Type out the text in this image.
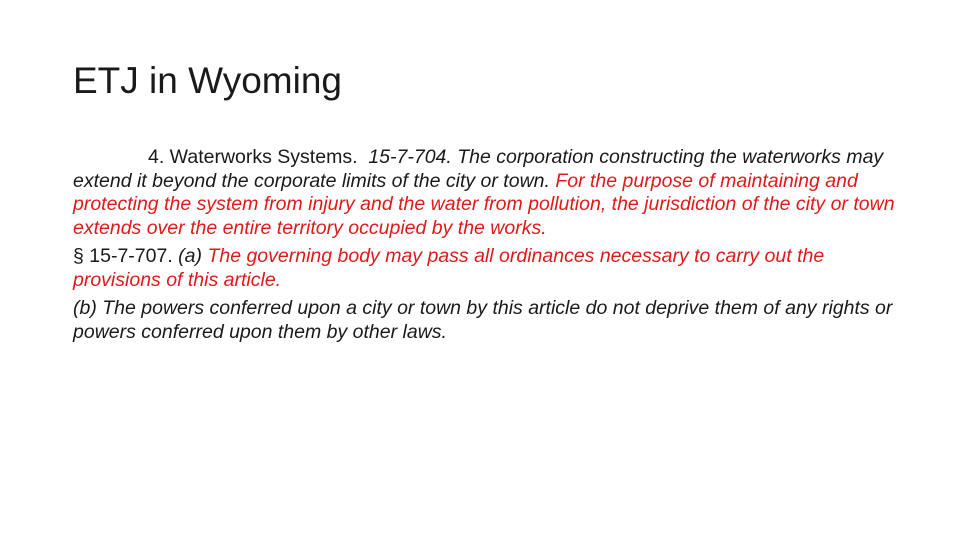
ETJ in Wyoming

4. Waterworks Systems. 15-7-704. The corporation constructing the waterworks may extend it beyond the corporate limits of the city or town. For the purpose of maintaining and protecting the system from injury and the water from pollution, the jurisdiction of the city or town extends over the entire territory occupied by the works.

§ 15-7-707. (a) The governing body may pass all ordinances necessary to carry out the provisions of this article.

(b) The powers conferred upon a city or town by this article do not deprive them of any rights or powers conferred upon them by other laws.
